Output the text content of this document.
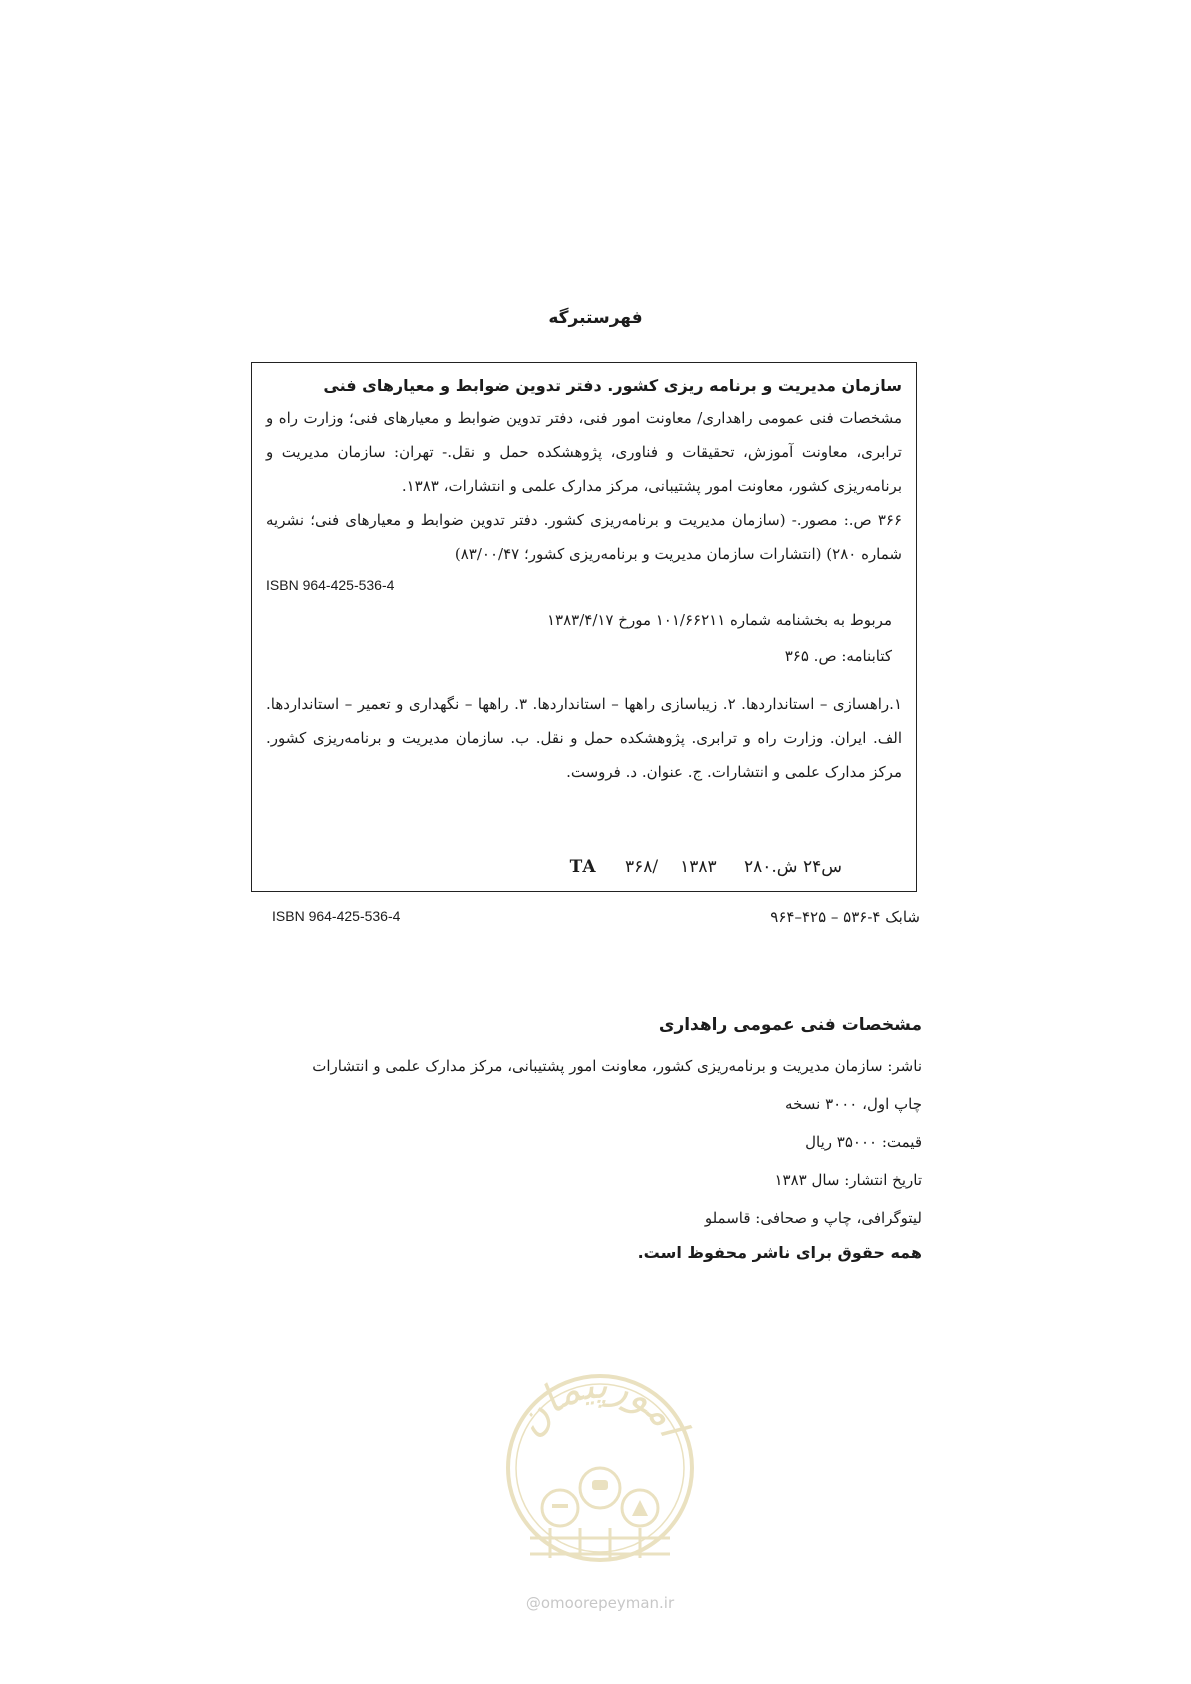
فهرستبرگه

سازمان مدیریت و برنامه ریزی کشور. دفتر تدوین ضوابط و معیارهای فنی

مشخصات فنی عمومی راهداری/ معاونت امور فنی، دفتر تدوین ضوابط و معیارهای فنی؛ وزارت راه و ترابری، معاونت آموزش، تحقیقات و فناوری، پژوهشکده حمل و نقل.- تهران: سازمان مدیریت و برنامه‌ریزی کشور، معاونت امور پشتیبانی، مرکز مدارک علمی و انتشارات، ۱۳۸۳.

۳۶۶ ص.: مصور.- (سازمان مدیریت و برنامه‌ریزی کشور. دفتر تدوین ضوابط و معیارهای فنی؛ نشریه شماره ۲۸۰) (انتشارات سازمان مدیریت و برنامه‌ریزی کشور؛ ۸۳/۰۰/۴۷)

ISBN 964-425-536-4

مربوط به بخشنامه شماره ۱۰۱/۶۶۲۱۱ مورخ ۱۳۸۳/۴/۱۷

کتابنامه: ص. ۳۶۵

۱.راهسازی – استانداردها. ۲. زیباسازی راهها – استانداردها. ۳. راهها – نگهداری و تعمیر – استانداردها. الف. ایران. وزارت راه و ترابری. پژوهشکده حمل و نقل. ب. سازمان مدیریت و برنامه‌ریزی کشور. مرکز مدارک علمی و انتشارات. ج. عنوان. د. فروست.

TA ۳۶۸/س۲۴ ش.۲۸۰ ۱۳۸۳
ISBN 964-425-536-4	شابک ۴-۵۳۶ – ۴۲۵–۹۶۴

مشخصات فنی عمومی راهداری

ناشر: سازمان مدیریت و برنامه‌ریزی کشور، معاونت امور پشتیبانی، مرکز مدارک علمی و انتشارات

چاپ اول، ۳۰۰۰ نسخه

قیمت: ۳۵۰۰۰ ریال

تاریخ انتشار: سال ۱۳۸۳

لیتوگرافی، چاپ و صحافی: قاسملو

همه حقوق برای ناشر محفوظ است.

امورپیمان
@omoorepeyman.ir
